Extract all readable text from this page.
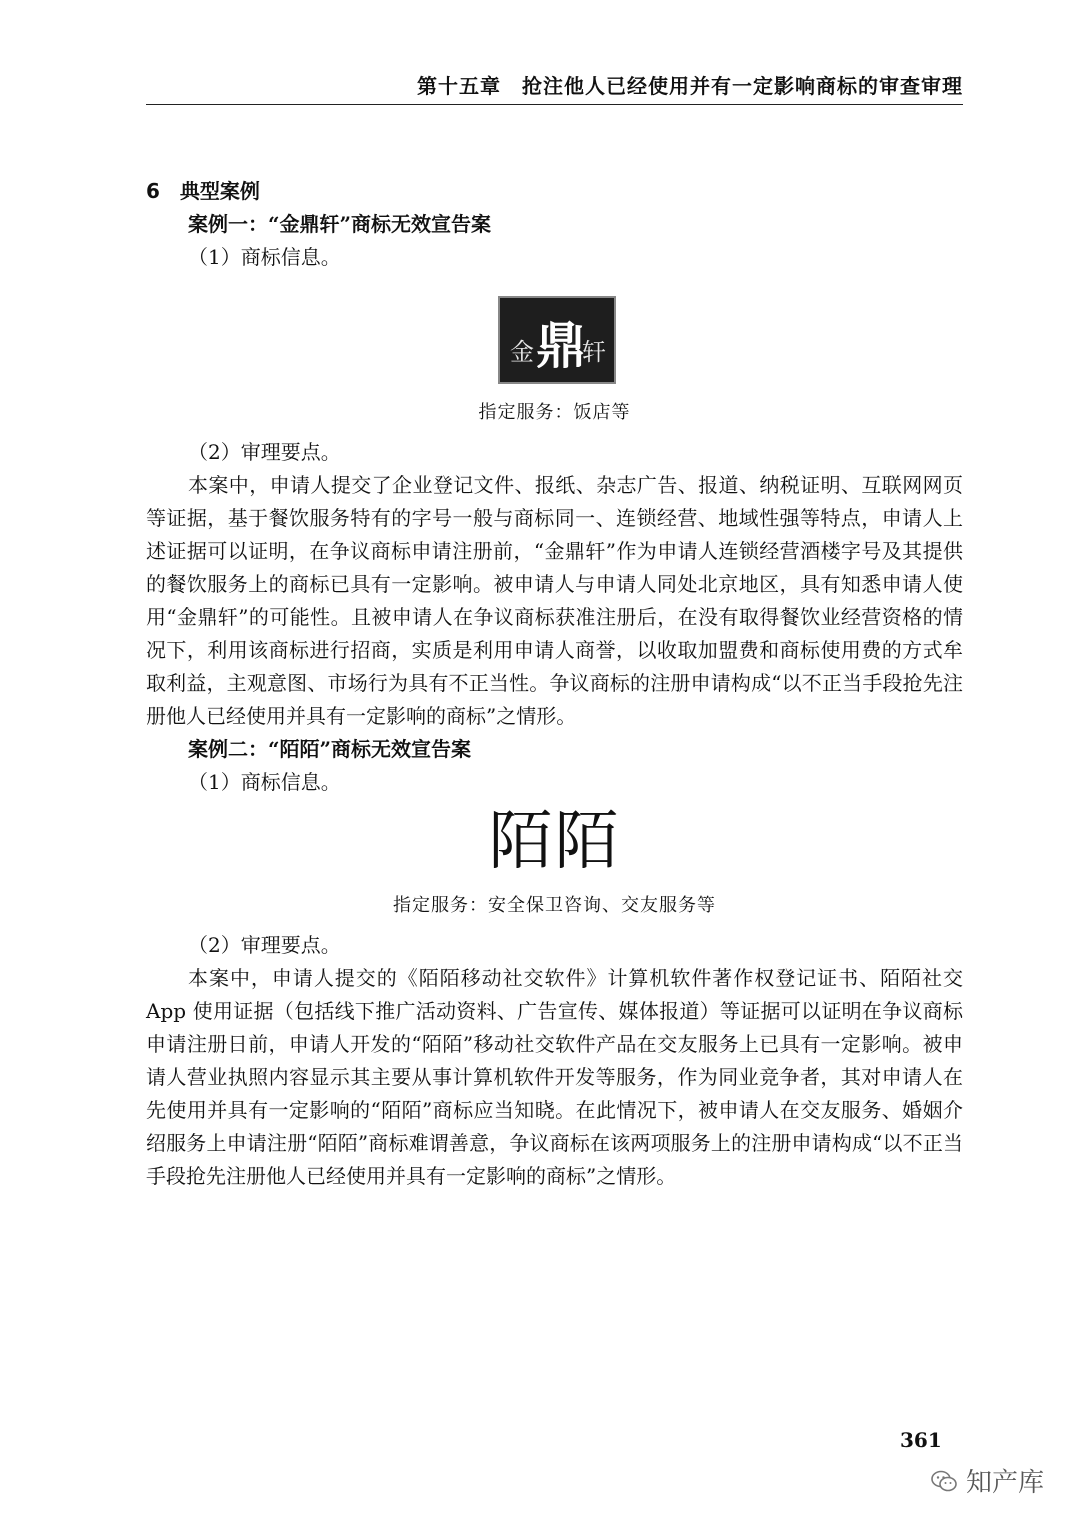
第十五章　抢注他人已经使用并有一定影响商标的审查审理
6　典型案例
案例一：“金鼎轩”商标无效宣告案
（1）商标信息。
金 鼎
轩
指定服务：饭店等
（2）审理要点。

本案中，申请人提交了企业登记文件、报纸、杂志广告、报道、纳税证明、互联网网页等证据，基于餐饮服务特有的字号一般与商标同一、连锁经营、地域性强等特点，申请人上述证据可以证明，在争议商标申请注册前，“金鼎轩”作为申请人连锁经营酒楼字号及其提供的餐饮服务上的商标已具有一定影响。被申请人与申请人同处北京地区，具有知悉申请人使用“金鼎轩”的可能性。且被申请人在争议商标获准注册后，在没有取得餐饮业经营资格的情况下，利用该商标进行招商，实质是利用申请人商誉，以收取加盟费和商标使用费的方式牟取利益，主观意图、市场行为具有不正当性。争议商标的注册申请构成“以不正当手段抢先注册他人已经使用并具有一定影响的商标”之情形。

案例二：“陌陌”商标无效宣告案
（1）商标信息。
陌陌
指定服务：安全保卫咨询、交友服务等
（2）审理要点。

本案中，申请人提交的《陌陌移动社交软件》计算机软件著作权登记证书、陌陌社交 App 使用证据（包括线下推广活动资料、广告宣传、媒体报道）等证据可以证明在争议商标申请注册日前，申请人开发的“陌陌”移动社交软件产品在交友服务上已具有一定影响。被申请人营业执照内容显示其主要从事计算机软件开发等服务，作为同业竞争者，其对申请人在先使用并具有一定影响的“陌陌”商标应当知晓。在此情况下，被申请人在交友服务、婚姻介绍服务上申请注册“陌陌”商标难谓善意，争议商标在该两项服务上的注册申请构成“以不正当手段抢先注册他人已经使用并具有一定影响的商标”之情形。

361
知产库
